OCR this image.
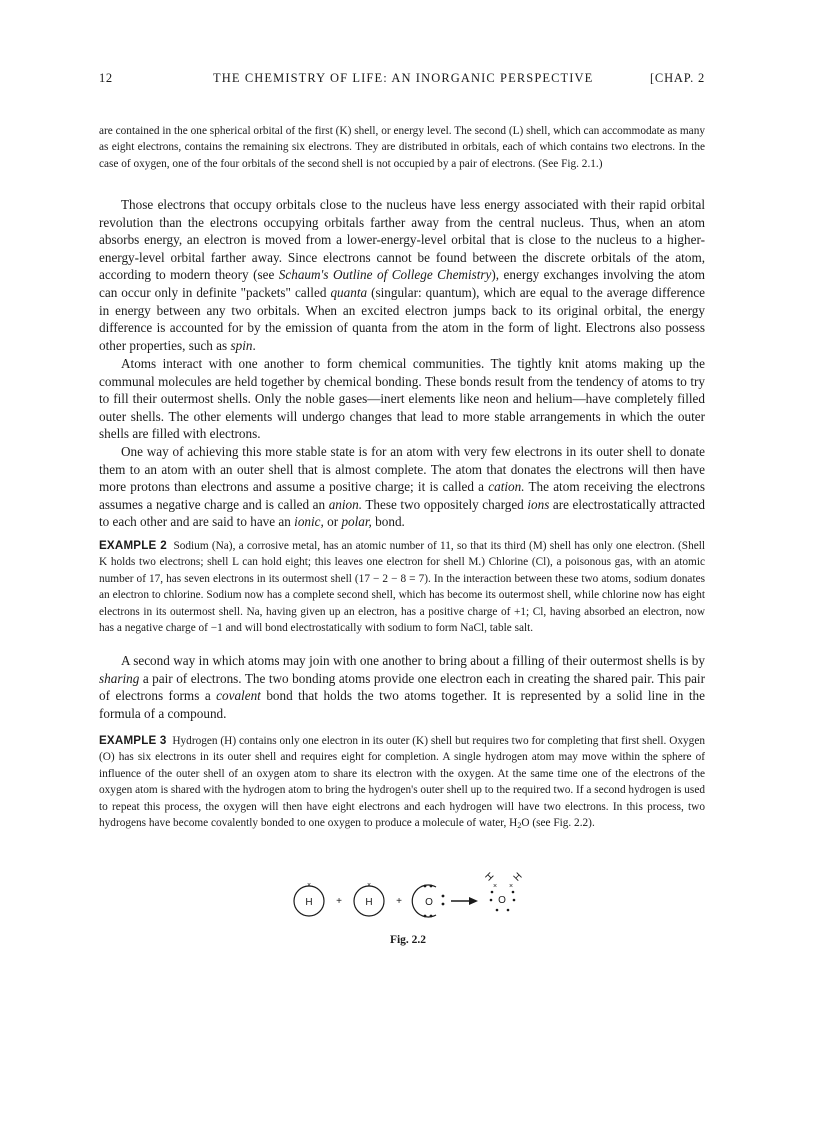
12	THE CHEMISTRY OF LIFE: AN INORGANIC PERSPECTIVE	[CHAP. 2

are contained in the one spherical orbital of the first (K) shell, or energy level. The second (L) shell, which can accommodate as many as eight electrons, contains the remaining six electrons. They are distributed in orbitals, each of which contains two electrons. In the case of oxygen, one of the four orbitals of the second shell is not occupied by a pair of electrons. (See Fig. 2.1.)

Those electrons that occupy orbitals close to the nucleus have less energy associated with their rapid orbital revolution than the electrons occupying orbitals farther away from the central nucleus. Thus, when an atom absorbs energy, an electron is moved from a lower-energy-level orbital that is close to the nucleus to a higher-energy-level orbital farther away. Since electrons cannot be found between the discrete orbitals of the atom, according to modern theory (see Schaum's Outline of College Chemistry), energy exchanges involving the atom can occur only in definite "packets" called quanta (singular: quantum), which are equal to the average difference in energy between any two orbitals. When an excited electron jumps back to its original orbital, the energy difference is accounted for by the emission of quanta from the atom in the form of light. Electrons also possess other properties, such as spin.

Atoms interact with one another to form chemical communities. The tightly knit atoms making up the communal molecules are held together by chemical bonding. These bonds result from the tendency of atoms to try to fill their outermost shells. Only the noble gases—inert elements like neon and helium—have completely filled outer shells. The other elements will undergo changes that lead to more stable arrangements in which the outer shells are filled with electrons.

One way of achieving this more stable state is for an atom with very few electrons in its outer shell to donate them to an atom with an outer shell that is almost complete. The atom that donates the electrons will then have more protons than electrons and assume a positive charge; it is called a cation. The atom receiving the electrons assumes a negative charge and is called an anion. These two oppositely charged ions are electrostatically attracted to each other and are said to have an ionic, or polar, bond.

EXAMPLE 2 Sodium (Na), a corrosive metal, has an atomic number of 11, so that its third (M) shell has only one electron. (Shell K holds two electrons; shell L can hold eight; this leaves one electron for shell M.) Chlorine (Cl), a poisonous gas, with an atomic number of 17, has seven electrons in its outermost shell (17 − 2 − 8 = 7). In the interaction between these two atoms, sodium donates an electron to chlorine. Sodium now has a complete second shell, which has become its outermost shell, while chlorine now has eight electrons in its outermost shell. Na, having given up an electron, has a positive charge of +1; Cl, having absorbed an electron, now has a negative charge of −1 and will bond electrostatically with sodium to form NaCl, table salt.

A second way in which atoms may join with one another to bring about a filling of their outermost shells is by sharing a pair of electrons. The two bonding atoms provide one electron each in creating the shared pair. This pair of electrons forms a covalent bond that holds the two atoms together. It is represented by a solid line in the formula of a compound.

EXAMPLE 3 Hydrogen (H) contains only one electron in its outer (K) shell but requires two for completing that first shell. Oxygen (O) has six electrons in its outer shell and requires eight for completion. A single hydrogen atom may move within the sphere of influence of the outer shell of an oxygen atom to share its electron with the oxygen. At the same time one of the electrons of the oxygen atom is shared with the hydrogen atom to bring the hydrogen's outer shell up to the required two. If a second hydrogen is used to repeat this process, the oxygen will then have eight electrons and each hydrogen will have two electrons. In this process, two hydrogens have become covalently bonded to one oxygen to produce a molecule of water, $H_2O$ (see Fig. 2.2).

H	H	O
+	+	O
H H
×	×	× ×
Fig. 2.2
